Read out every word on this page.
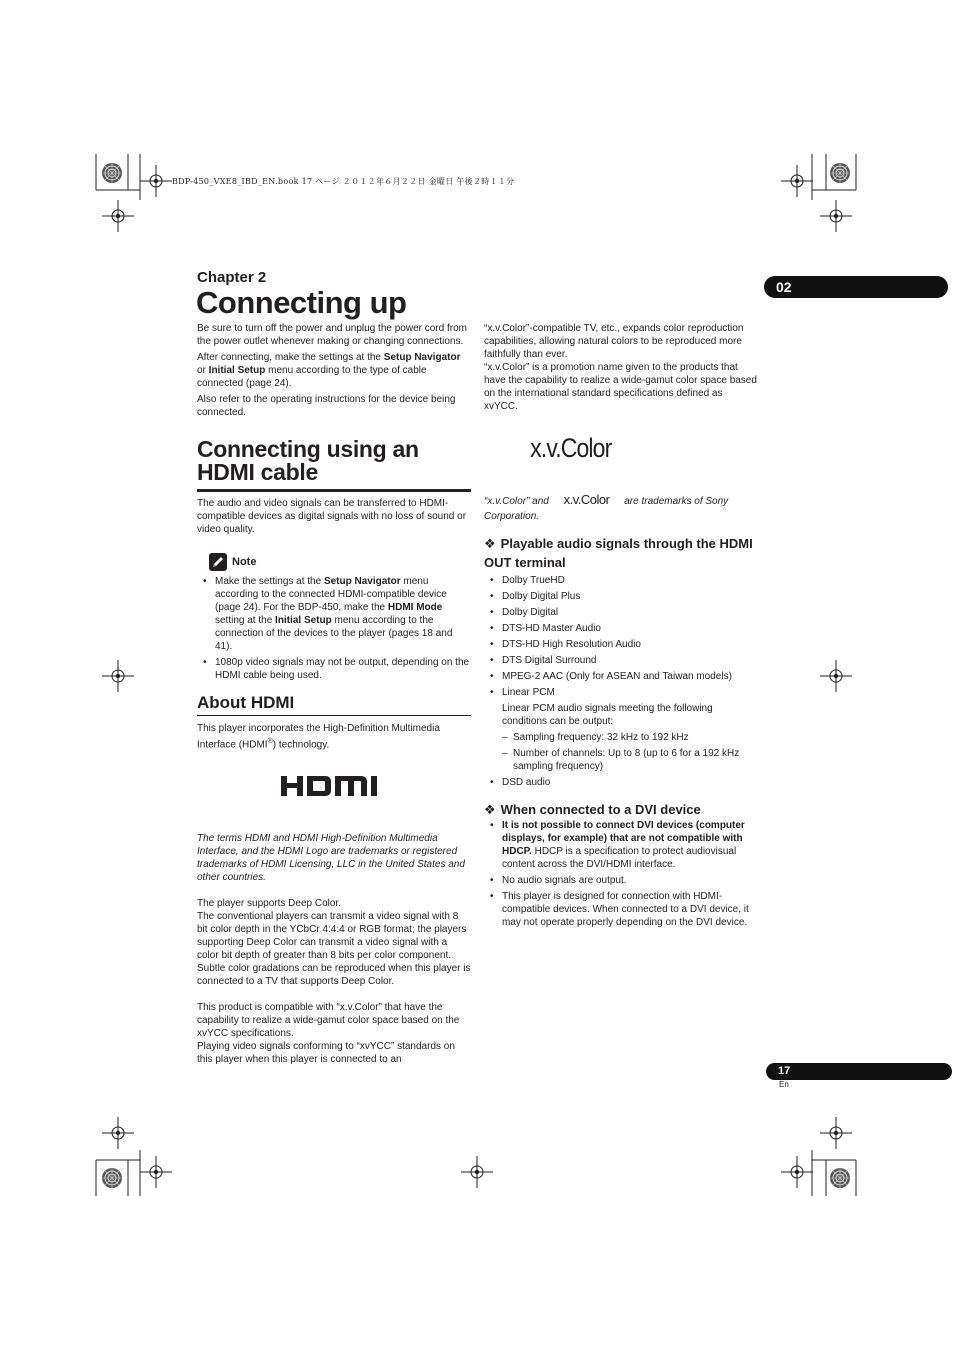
BDP-450_VXE8_IBD_EN.book 17 ページ ２０１２年６月２２日 金曜日 午後２時１１分
Chapter 2
Connecting up	02

Be sure to turn off the power and unplug the power cord from the power outlet whenever making or changing connections.

After connecting, make the settings at the Setup Navigator or Initial Setup menu according to the type of cable connected (page 24).

Also refer to the operating instructions for the device being connected.

Connecting using an
HDMI cable

The audio and video signals can be transferred to HDMI-compatible devices as digital signals with no loss of sound or video quality.

Note
• Make the settings at the Setup Navigator menu according to the connected HDMI-compatible device (page 24). For the BDP-450, make the HDMI Mode setting at the Initial Setup menu according to the connection of the devices to the player (pages 18 and 41).
• 1080p video signals may not be output, depending on the HDMI cable being used.
About HDMI

This player incorporates the High-Definition Multimedia Interface (HDMI®) technology.

The terms HDMI and HDMI High-Definition Multimedia Interface, and the HDMI Logo are trademarks or registered trademarks of HDMI Licensing, LLC in the United States and other countries.

The player supports Deep Color.

The conventional players can transmit a video signal with 8 bit color depth in the YCbCr 4:4:4 or RGB format; the players supporting Deep Color can transmit a video signal with a color bit depth of greater than 8 bits per color component. Subtle color gradations can be reproduced when this player is connected to a TV that supports Deep Color.

This product is compatible with “x.v.Color” that have the capability to realize a wide-gamut color space based on the xvYCC specifications.

Playing video signals conforming to “xvYCC” standards on this player when this player is connected to an

“x.v.Color”-compatible TV, etc., expands color reproduction capabilities, allowing natural colors to be reproduced more faithfully than ever.

“x.v.Color” is a promotion name given to the products that have the capability to realize a wide-gamut color space based on the international standard specifications defined as xvYCC.

x.v.Color
“x.v.Color” and x.v.Color are trademarks of Sony
Corporation.
❖ Playable audio signals through the HDMI OUT terminal
• Dolby TrueHD
• Dolby Digital Plus
• Dolby Digital
• DTS-HD Master Audio
• DTS-HD High Resolution Audio
• DTS Digital Surround
• MPEG-2 AAC (Only for ASEAN and Taiwan models)
• Linear PCM

Linear PCM audio signals meeting the following conditions can be output:

– Sampling frequency: 32 kHz to 192 kHz
– Number of channels: Up to 8 (up to 6 for a 192 kHz sampling frequency)
• DSD audio
❖ When connected to a DVI device
• It is not possible to connect DVI devices (computer displays, for example) that are not compatible with HDCP. HDCP is a specification to protect audiovisual content across the DVI/HDMI interface.
• No audio signals are output.
• This player is designed for connection with HDMI-compatible devices. When connected to a DVI device, it may not operate properly depending on the DVI device.
17
En
